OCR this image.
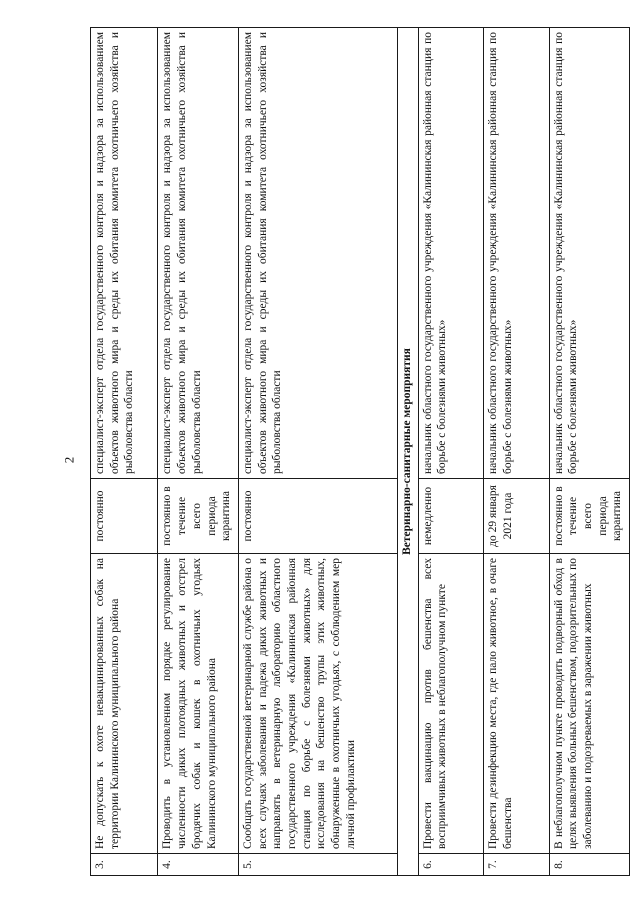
2
3.	Не допускать к охоте невакцинированных собак на территории Калининского муниципального района	постоянно	специалист-эксперт отдела государственного контроля и надзора за использованием объектов животного мира и среды их обитания комитета охотничьего хозяйства и рыболовства области
4.	Проводить в установленном порядке регулирование численности диких плотоядных животных и отстрел бродячих собак и кошек в охотничьих угодьях Калининского муниципального района	постоянно в течение всего периода карантина	специалист-эксперт отдела государственного контроля и надзора за использованием объектов животного мира и среды их обитания комитета охотничьего хозяйства и рыболовства области
5.	Сообщать государственной ветеринарной службе района о всех случаях заболевания и падежа диких животных и направлять в ветеринарную лабораторию областного государственного учреждения «Калининская районная станция по борьбе с болезнями животных» для исследования на бешенство трупы этих животных, обнаруженные в охотничьих угодьях, с соблюдением мер личной профилактики	постоянно	специалист-эксперт отдела государственного контроля и надзора за использованием объектов животного мира и среды их обитания комитета охотничьего хозяйства и рыболовства области
Ветеринарно-санитарные мероприятия			
6.	Провести вакцинацию против бешенства всех восприимчивых животных в неблагополучном пункте	немедленно	начальник областного государственного учреждения «Калининская районная станция по борьбе с болезнями животных»
7.	Провести дезинфекцию места, где пало животное, в очаге бешенства	до 29 января 2021 года	начальник областного государственного учреждения «Калининская районная станция по борьбе с болезнями животных»
8.	В неблагополучном пункте проводить подворный обход в целях выявления больных бешенством, подозрительных по заболеванию и подозреваемых в заражении животных	постоянно в течение всего периода карантина	начальник областного государственного учреждения «Калининская районная станция по борьбе с болезнями животных»
